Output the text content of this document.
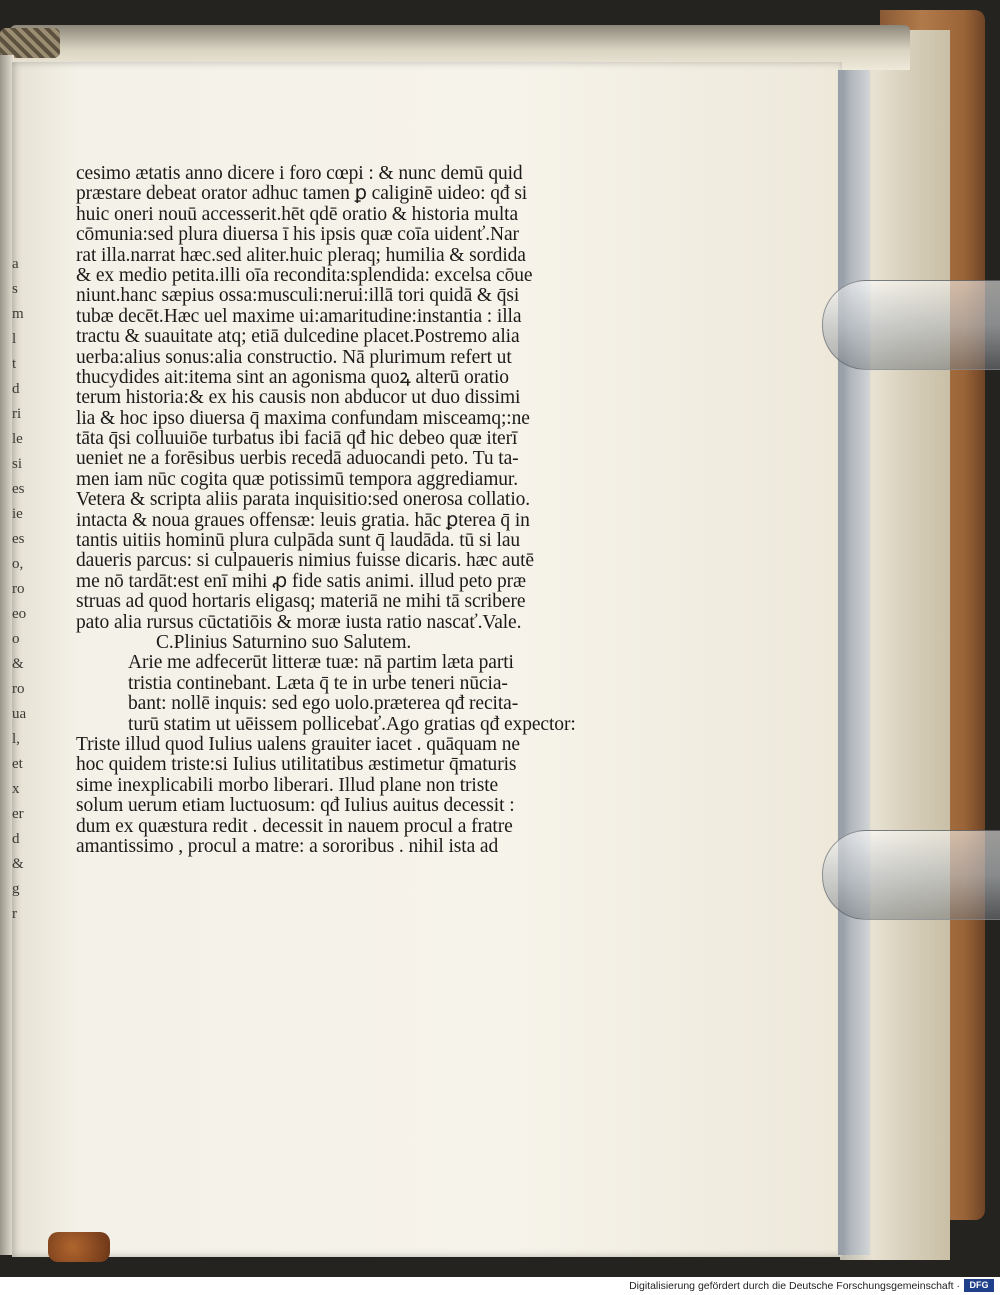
a
s
m
l
t
d
ri
le
si
es
ie
es
o,
ro
eo
o
&
ro
ua
l,
et
x
er
d
&
g
r
cesimo ætatis anno dicere i foro cœpi : & nunc demū quid
præstare debeat orator adhuc tamen ꝑ caliginē uideo: qđ si
huic oneri nouū accesserit.hēt qdē oratio & historia multa
cōmunia:sed plura diuersa ī his ipsis quæ coīa uidenť.Nar
rat illa.narrat hæc.sed aliter.huic pleraq; humilia & sordida
& ex medio petita.illi oīa recondita:splendida: excelsa cōue
niunt.hanc sæpius ossa:musculi:nerui:illā tori quidā & q̄si
tubæ decēt.Hæc uel maxime ui:amaritudine:instantia : illa
tractu & suauitate atq; etiā dulcedine placet.Postremo alia
uerba:alius sonus:alia constructio. Nā plurimum refert ut
thucydides ait:itema sint an agonisma quoꝝ alterū oratio
terum historia:& ex his causis non abducor ut duo dissimi
lia & hoc ipso diuersa q̄ maxima confundam misceamq;:ne
tāta q̄si colluuiōe turbatus ibi faciā qđ hic debeo quæ iterī
ueniet ne a forēsibus uerbis recedā aduocandi peto. Tu ta-
men iam nūc cogita quæ potissimū tempora aggrediamur.
Vetera & scripta aliis parata inquisitio:sed onerosa collatio.
intacta & noua graues offensæ: leuis gratia. hāc ꝑterea q̄ in
tantis uitiis hominū plura culpāda sunt q̄ laudāda. tū si lau
daueris parcus: si culpaueris nimius fuisse dicaris. hæc autē
me nō tardāt:est enī mihi ꝓ fide satis animi. illud peto præ
struas ad quod hortaris eligasq; materiā ne mihi tā scribere
pato alia rursus cūctatiōis & moræ iusta ratio nascať.Vale.
C.Plinius Saturnino suo Salutem.
Arie me adfecerūt litteræ tuæ: nā partim læta parti
tristia continebant. Læta q̄ te in urbe teneri nūcia-
bant: nollē inquis: sed ego uolo.præterea qđ recita-
turū statim ut uēissem pollicebať.Ago gratias qđ expector:
Triste illud quod Iulius ualens grauiter iacet . quāquam ne
hoc quidem triste:si Iulius utilitatibus æstimetur q̄maturis
sime inexplicabili morbo liberari. Illud plane non triste
solum uerum etiam luctuosum: qđ Iulius auitus decessit :
dum ex quæstura redit . decessit in nauem procul a fratre
amantissimo , procul a matre: a sororibus . nihil ista ad
Digitalisierung gefördert durch die Deutsche Forschungsgemeinschaft ·	DFG
